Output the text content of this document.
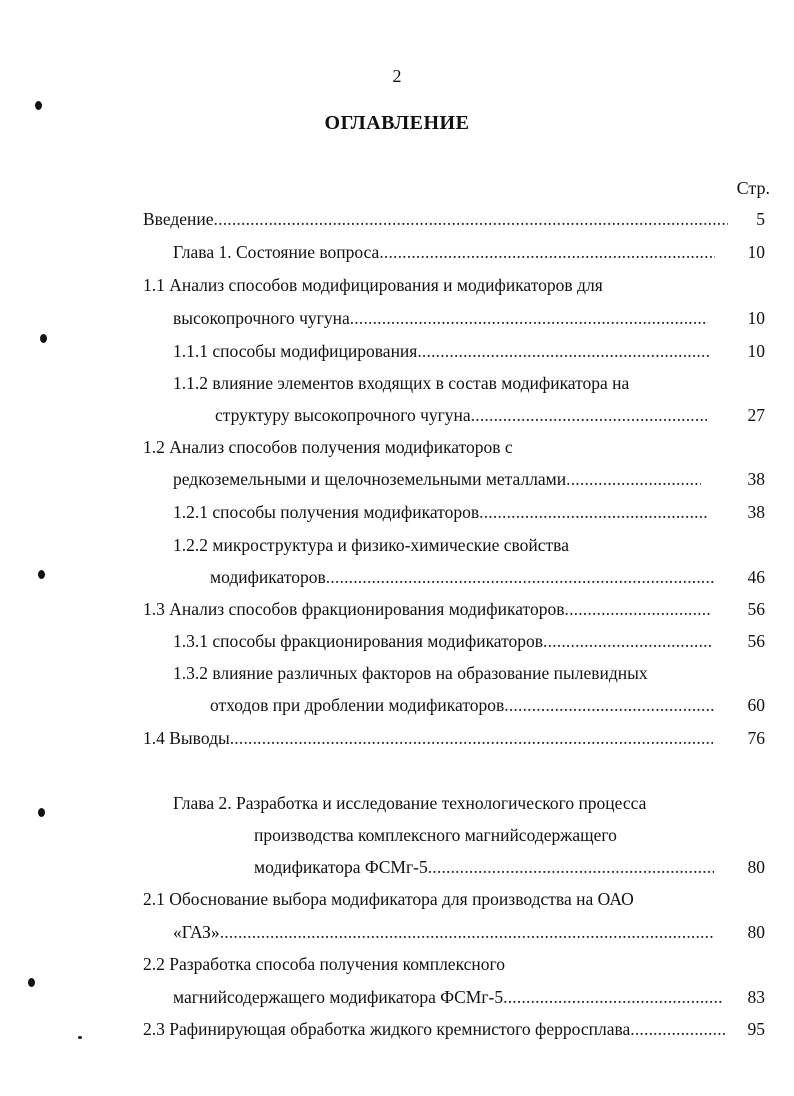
2
ОГЛАВЛЕНИЕ
Стр.
Введение .....	5
Глава 1. Состояние вопроса .....	10
1.1 Анализ способов модифицирования и модификаторов для
высокопрочного чугуна .....	10
1.1.1 способы модифицирования .....	10
1.1.2 влияние элементов входящих в состав модификатора на
структуру высокопрочного чугуна .....	27
1.2 Анализ способов получения модификаторов с
редкоземельными и щелочноземельными металлами .....	38
1.2.1 способы получения модификаторов .....	38
1.2.2 микроструктура и физико-химические свойства
модификаторов .....	46
1.3 Анализ способов фракционирования модификаторов .....	56
1.3.1 способы фракционирования модификаторов .....	56
1.3.2 влияние различных факторов на образование пылевидных
отходов при дроблении модификаторов .....	60
1.4 Выводы .....	76
Глава 2. Разработка и исследование технологического процесса
производства комплексного магнийсодержащего
модификатора ФСМг-5 .....	80
2.1 Обоснование выбора модификатора для производства на ОАО
«ГАЗ» .....	80
2.2 Разработка способа получения комплексного
магнийсодержащего модификатора ФСМг-5 .....	83
2.3 Рафинирующая обработка жидкого кремнистого ферросплава .....	95
